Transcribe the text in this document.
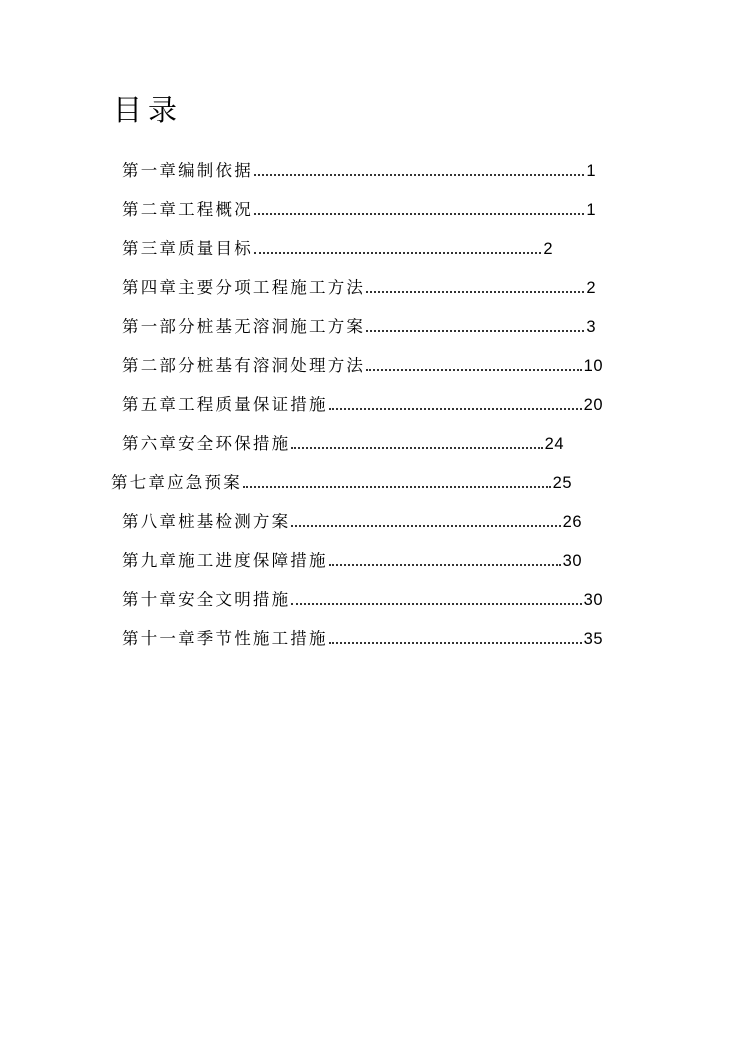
目录
第一章编制依据	1
第二章工程概况	1
第三章质量目标	2
第四章主要分项工程施工方法	2
第一部分桩基无溶洞施工方案	3
第二部分桩基有溶洞处理方法	10
第五章工程质量保证措施	20
第六章安全环保措施	24
第七章应急预案	25
第八章桩基检测方案	26
第九章施工进度保障措施	30
第十章安全文明措施	30
第十一章季节性施工措施	35
